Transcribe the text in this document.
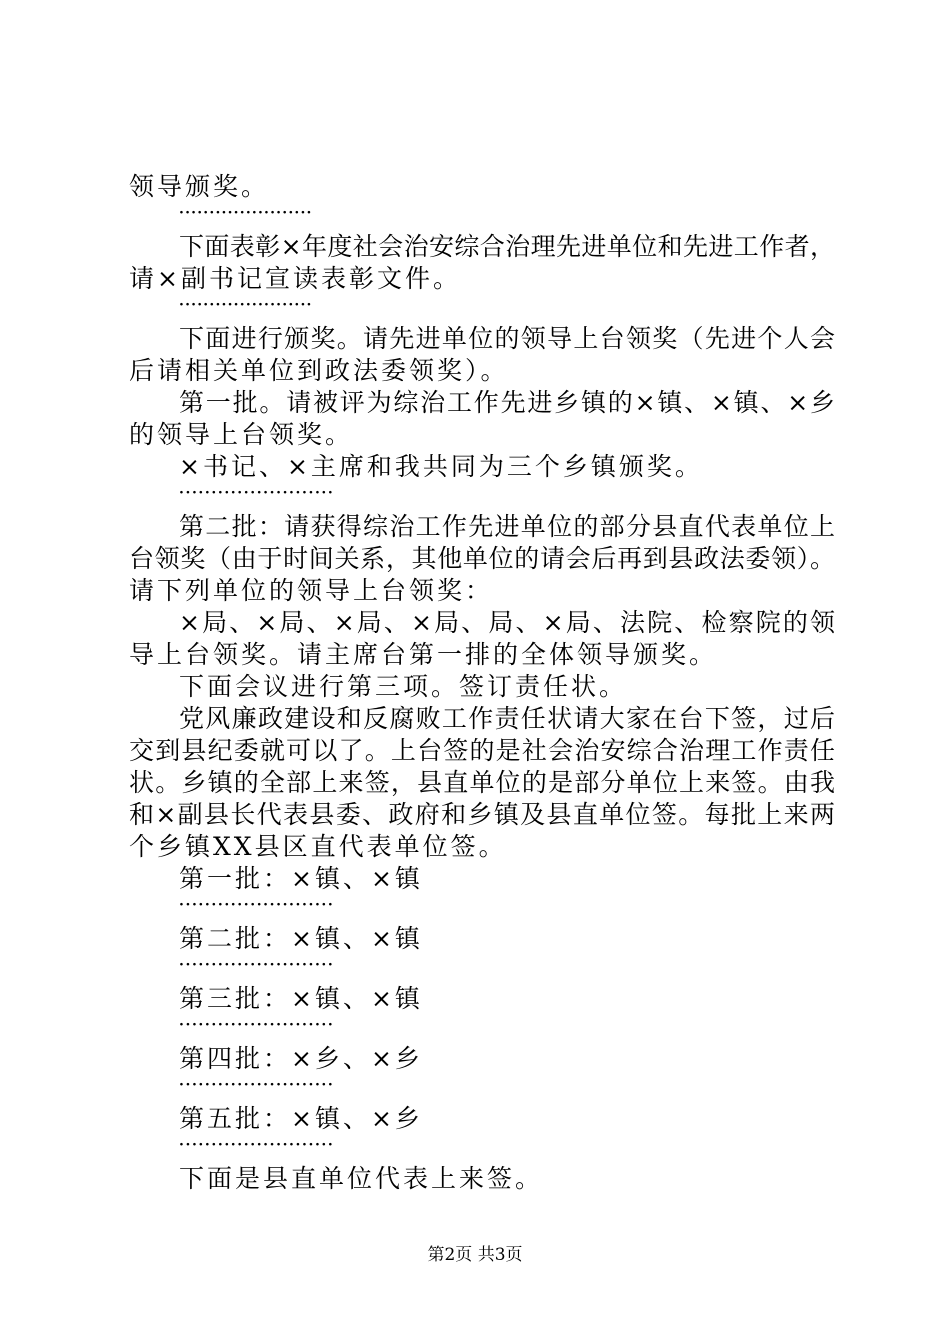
领导颁奖。
······················
下面表彰×年度社会治安综合治理先进单位和先进工作者，
请×副书记宣读表彰文件。
······················
下面进行颁奖。请先进单位的领导上台领奖（先进个人会
后请相关单位到政法委领奖）。
第一批。请被评为综治工作先进乡镇的×镇、×镇、×乡
的领导上台领奖。
×书记、×主席和我共同为三个乡镇颁奖。
························
第二批：请获得综治工作先进单位的部分县直代表单位上
台领奖（由于时间关系，其他单位的请会后再到县政法委领）。
请下列单位的领导上台领奖：
×局、×局、×局、×局、局、×局、法院、检察院的领
导上台领奖。请主席台第一排的全体领导颁奖。
下面会议进行第三项。签订责任状。
党风廉政建设和反腐败工作责任状请大家在台下签，过后
交到县纪委就可以了。上台签的是社会治安综合治理工作责任
状。乡镇的全部上来签，县直单位的是部分单位上来签。由我
和×副县长代表县委、政府和乡镇及县直单位签。每批上来两
个乡镇XX县区直代表单位签。
第一批：×镇、×镇
························
第二批：×镇、×镇
························
第三批：×镇、×镇
························
第四批：×乡、×乡
························
第五批：×镇、×乡
························
下面是县直单位代表上来签。
第2页 共3页
